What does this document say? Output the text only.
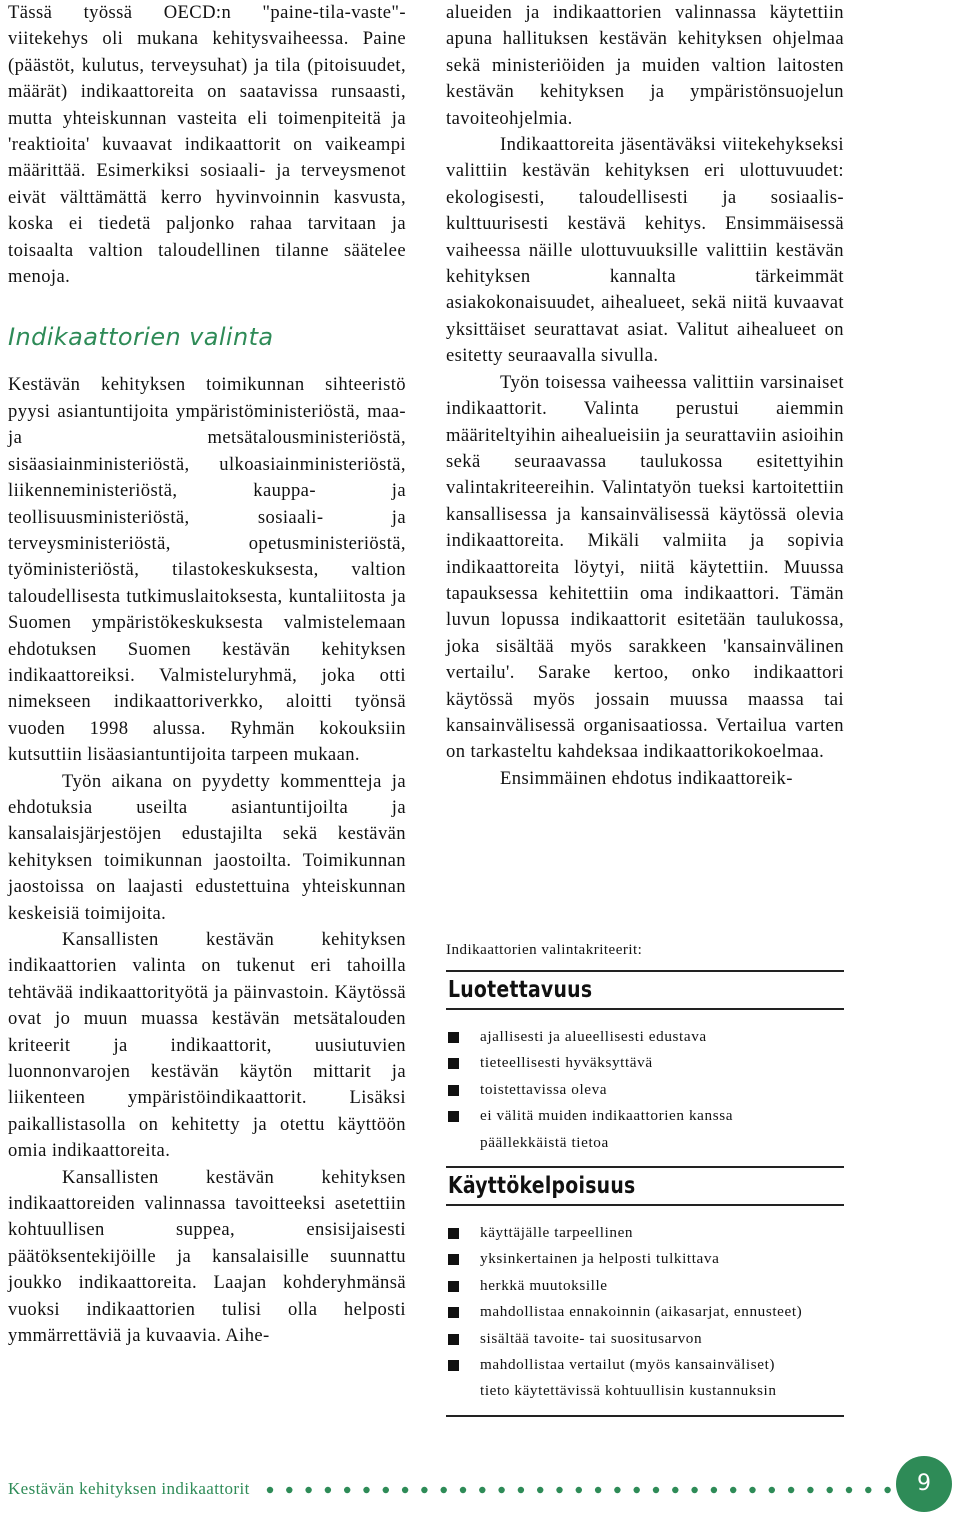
Tässä työssä OECD:n "paine-tila-vaste"-viitekehys oli mukana kehitysvaiheessa. Paine (päästöt, kulutus, terveysuhat) ja tila (pitoisuudet, määrät) indikaattoreita on saatavissa runsaasti, mutta yhteiskunnan vasteita eli toimenpiteitä ja 'reaktioita' kuvaavat indikaattorit on vaikeampi määrittää. Esimerkiksi sosiaali- ja terveysmenot eivät välttämättä kerro hyvinvoinnin kasvusta, koska ei tiedetä paljonko rahaa tarvitaan ja toisaalta valtion taloudellinen tilanne säätelee menoja.

Indikaattorien valinta

Kestävän kehityksen toimikunnan sihteeristö pyysi asiantuntijoita ympäristöministeriöstä, maa- ja metsätalousministeriöstä, sisäasiainministeriöstä, ulkoasiainministeriöstä, liikenneministeriöstä, kauppa- ja teollisuusministeriöstä, sosiaali- ja terveysministeriöstä, opetusministeriöstä, työministeriöstä, tilastokeskuksesta, valtion taloudellisesta tutkimuslaitoksesta, kuntaliitosta ja Suomen ympäristökeskuksesta valmistelemaan ehdotuksen Suomen kestävän kehityksen indikaattoreiksi. Valmisteluryhmä, joka otti nimekseen indikaattoriverkko, aloitti työnsä vuoden 1998 alussa. Ryhmän kokouksiin kutsuttiin lisäasiantuntijoita tarpeen mukaan.

Työn aikana on pyydetty kommentteja ja ehdotuksia useilta asiantuntijoilta ja kansalaisjärjestöjen edustajilta sekä kestävän kehityksen toimikunnan jaostoilta. Toimikunnan jaostoissa on laajasti edustettuina yhteiskunnan keskeisiä toimijoita.

Kansallisten kestävän kehityksen indikaattorien valinta on tukenut eri tahoilla tehtävää indikaattorityötä ja päinvastoin. Käytössä ovat jo muun muassa kestävän metsätalouden kriteerit ja indikaattorit, uusiutuvien luonnonvarojen kestävän käytön mittarit ja liikenteen ympäristöindikaattorit. Lisäksi paikallistasolla on kehitetty ja otettu käyttöön omia indikaattoreita.

Kansallisten kestävän kehityksen indikaattoreiden valinnassa tavoitteeksi asetettiin kohtuullisen suppea, ensisijaisesti päätöksentekijöille ja kansalaisille suunnattu joukko indikaattoreita. Laajan kohderyhmänsä vuoksi indikaattorien tulisi olla helposti ymmärrettäviä ja kuvaavia. Aihe-

alueiden ja indikaattorien valinnassa käytettiin apuna hallituksen kestävän kehityksen ohjelmaa sekä ministeriöiden ja muiden valtion laitosten kestävän kehityksen ja ympäristönsuojelun tavoiteohjelmia.

Indikaattoreita jäsentäväksi viitekehykseksi valittiin kestävän kehityksen eri ulottuvuudet: ekologisesti, taloudellisesti ja sosiaalis-kulttuurisesti kestävä kehitys. Ensimmäisessä vaiheessa näille ulottuvuuksille valittiin kestävän kehityksen kannalta tärkeimmät asiakokonaisuudet, aihealueet, sekä niitä kuvaavat yksittäiset seurattavat asiat. Valitut aihealueet on esitetty seuraavalla sivulla.

Työn toisessa vaiheessa valittiin varsinaiset indikaattorit. Valinta perustui aiemmin määriteltyihin aihealueisiin ja seurattaviin asioihin sekä seuraavassa taulukossa esitettyihin valintakriteereihin. Valintatyön tueksi kartoitettiin kansallisessa ja kansainvälisessä käytössä olevia indikaattoreita. Mikäli valmiita ja sopivia indikaattoreita löytyi, niitä käytettiin. Muussa tapauksessa kehitettiin oma indikaattori. Tämän luvun lopussa indikaattorit esitetään taulukossa, joka sisältää myös sarakkeen 'kansainvälinen vertailu'. Sarake kertoo, onko indikaattori käytössä myös jossain muussa maassa tai kansainvälisessä organisaatiossa. Vertailua varten on tarkasteltu kahdeksaa indikaattorikokoelmaa.

Ensimmäinen ehdotus indikaattoreik-

Indikaattorien valintakriteerit:
Luotettavuus
ajallisesti ja alueellisesti edustava
tieteellisesti hyväksyttävä
toistettavissa oleva
ei välitä muiden indikaattorien kanssa
päällekkäistä tietoa
Käyttökelpoisuus
käyttäjälle tarpeellinen
yksinkertainen ja helposti tulkittava
herkkä muutoksille
mahdollistaa ennakoinnin (aikasarjat, ennusteet)
sisältää tavoite- tai suositusarvon
mahdollistaa vertailut (myös kansainväliset)
tieto käytettävissä kohtuullisin kustannuksin
Kestävän kehityksen indikaattorit	9
